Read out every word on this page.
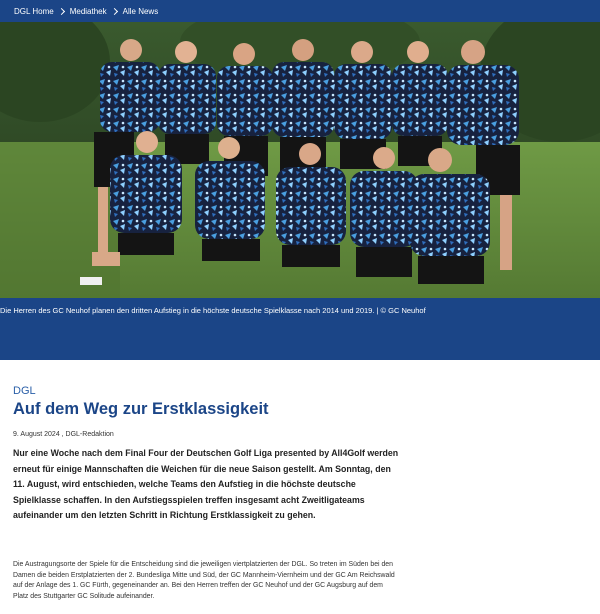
DGL Home Mediathek Alle News

Die Herren des GC Neuhof planen den dritten Aufstieg in die höchste deutsche Spielklasse nach 2014 und 2019. | © GC Neuhof

DGL
Auf dem Weg zur Erstklassigkeit
9. August 2024 , DGL-Redaktion

Nur eine Woche nach dem Final Four der Deutschen Golf Liga presented by All4Golf werden erneut für einige Mannschaften die Weichen für die neue Saison gestellt. Am Sonntag, den 11. August, wird entschieden, welche Teams den Aufstieg in die höchste deutsche Spielklasse schaffen. In den Aufstiegsspielen treffen insgesamt acht Zweitligateams aufeinander um den letzten Schritt in Richtung Erstklassigkeit zu gehen.

Die Austragungsorte der Spiele für die Entscheidung sind die jeweiligen viertplatzierten der DGL. So treten im Süden bei den Damen die beiden Erstplatzierten der 2. Bundesliga Mitte und Süd, der GC Mannheim-Viernheim und der GC Am Reichswald auf der Anlage des 1. GC Fürth, gegeneinander an. Bei den Herren treffen der GC Neuhof und der GC Augsburg auf dem Platz des Stuttgarter GC Solitude aufeinander.
